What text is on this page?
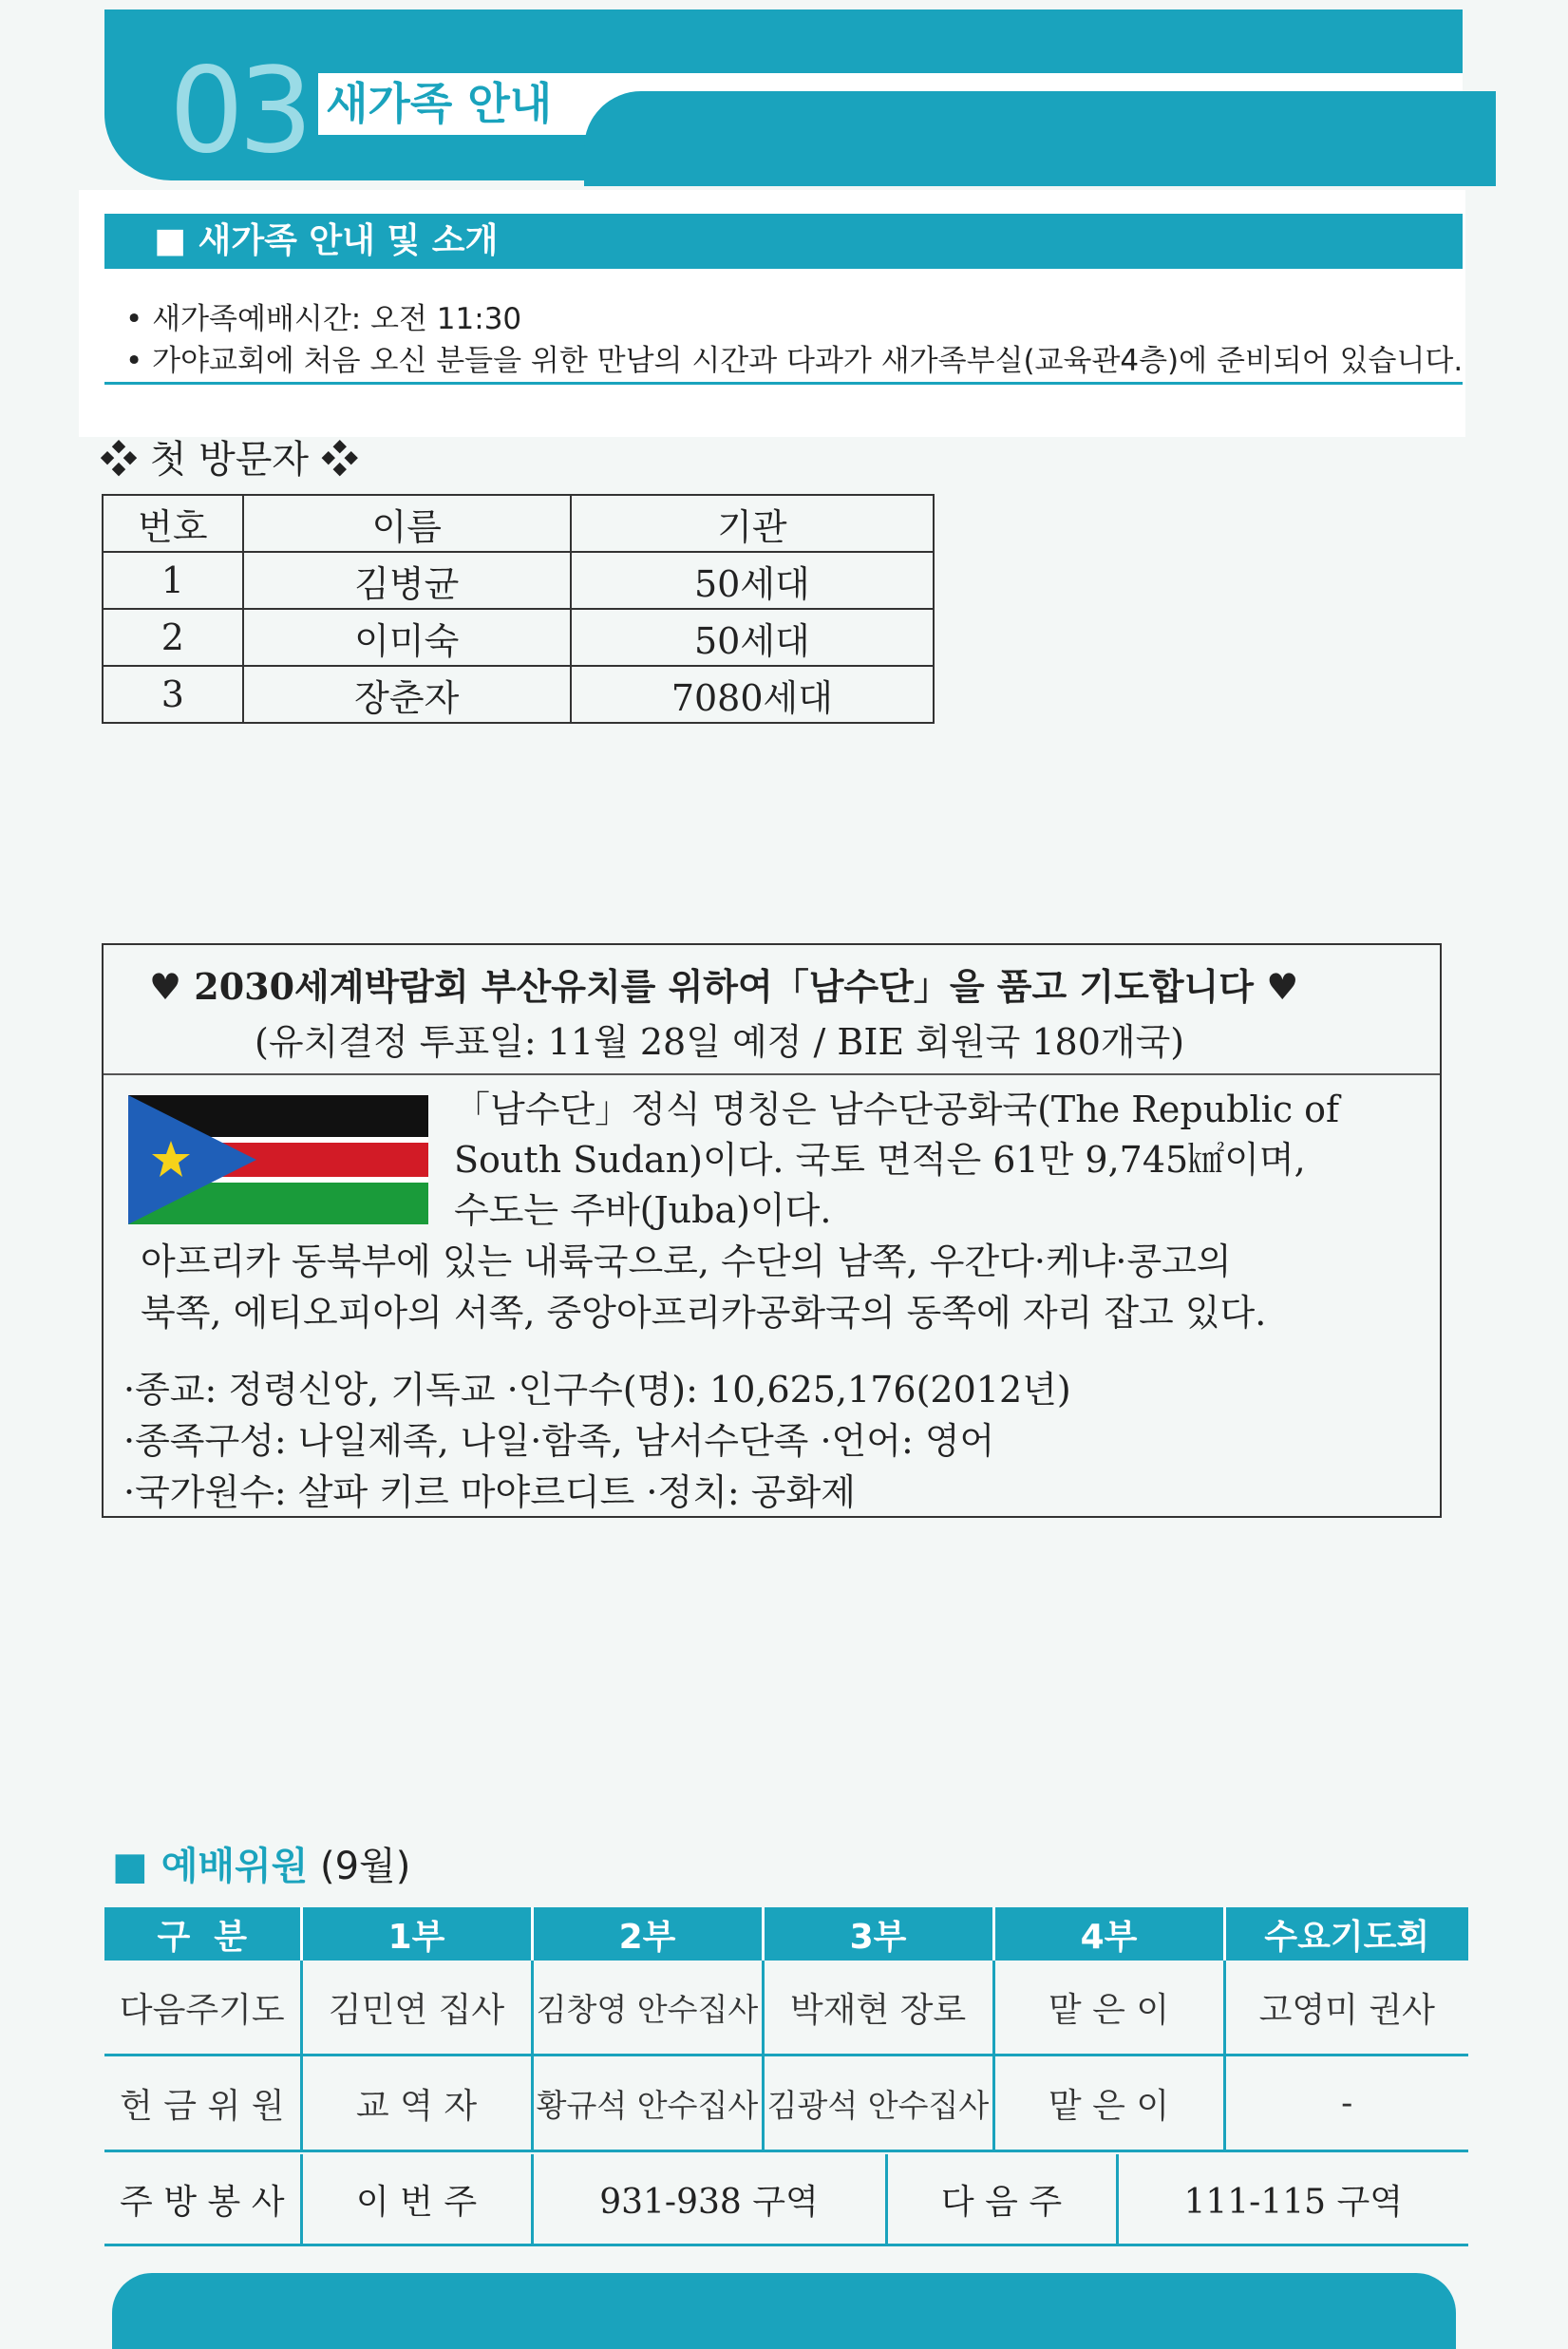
03 새가족 안내
■ 새가족 안내 및 소개
• 새가족예배시간: 오전 11:30
• 가야교회에 처음 오신 분들을 위한 만남의 시간과 다과가 새가족부실(교육관4층)에 준비되어 있습니다.
❖ 첫 방문자 ❖
번호	이름	기관
1	김병균	50세대
2	이미숙	50세대
3	장춘자	7080세대
♥ 2030세계박람회 부산유치를 위하여「남수단」을 품고 기도합니다 ♥
(유치결정 투표일: 11월 28일 예정 / BIE 회원국 180개국)
「남수단」정식 명칭은 남수단공화국(The Republic of
South Sudan)이다. 국토 면적은 61만 9,745㎢이며,
수도는 주바(Juba)이다.
아프리카 동북부에 있는 내륙국으로, 수단의 남쪽, 우간다·케냐·콩고의
북쪽, 에티오피아의 서쪽, 중앙아프리카공화국의 동쪽에 자리 잡고 있다.
·종교: 정령신앙, 기독교 ·인구수(명): 10,625,176(2012년)
·종족구성: 나일제족, 나일·함족, 남서수단족 ·언어: 영어
·국가원수: 살파 키르 마야르디트 ·정치: 공화제
■ 예배위원 (9월)
구  분	1부	2부	3부	4부	수요기도회
다음주기도	김민연 집사	김창영 안수집사	박재현 장로	맡 은 이	고영미 권사
헌 금 위 원	교 역 자	황규석 안수집사	김광석 안수집사	맡 은 이	-
주 방 봉 사	이 번 주	931-938 구역	다 음 주	111-115 구역
